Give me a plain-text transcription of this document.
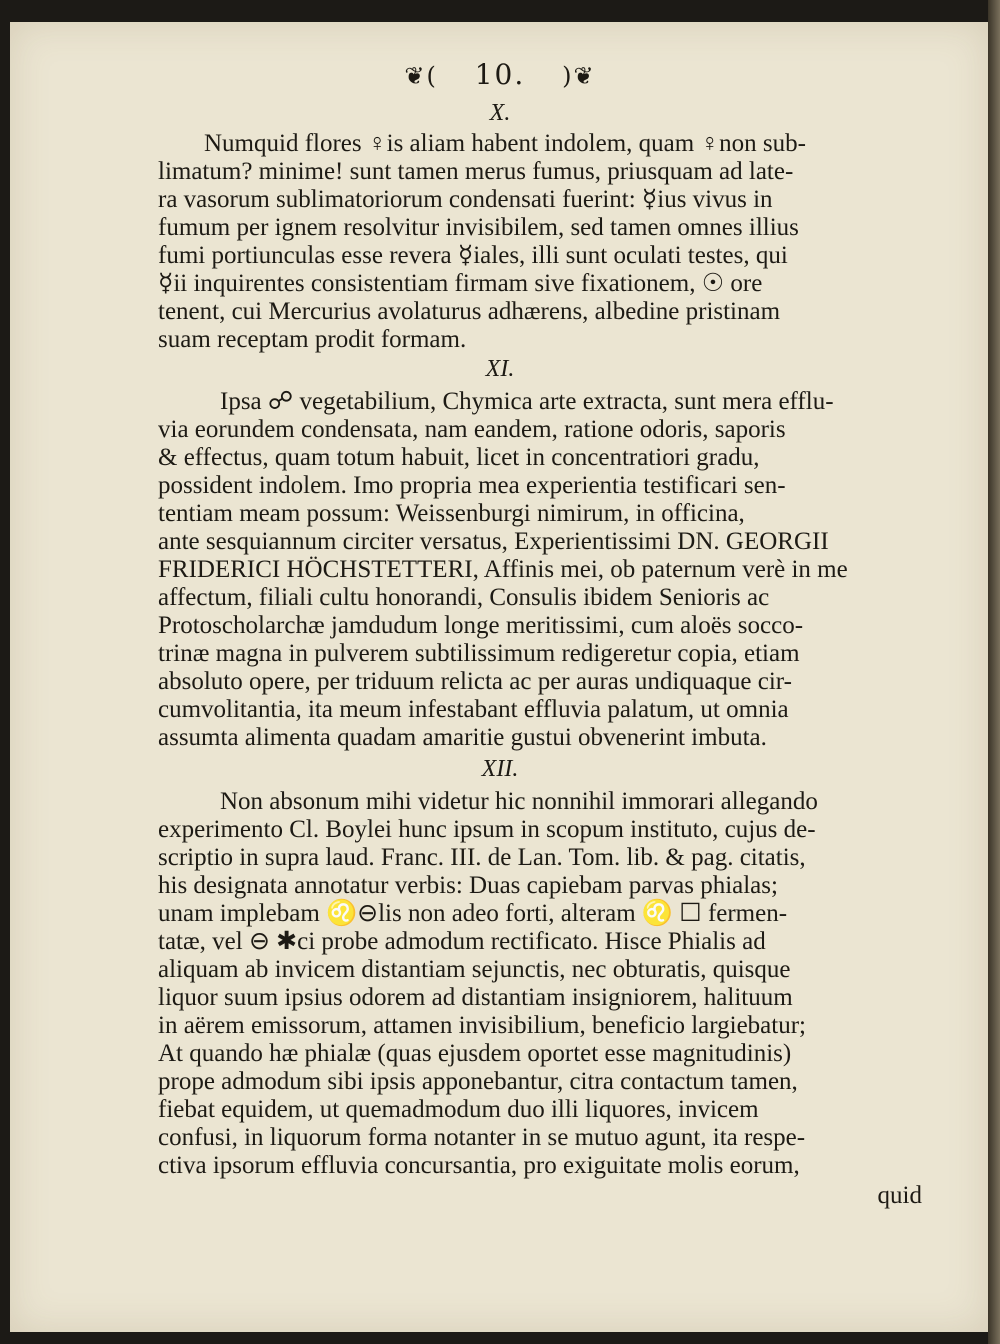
❦( 10. )❦
X.
Numquid flores ♀is aliam habent indolem, quam ♀non sub-
limatum? minime! sunt tamen merus fumus, priusquam ad late-
ra vasorum sublimatoriorum condensati fuerint: ☿ius vivus in
fumum per ignem resolvitur invisibilem, sed tamen omnes illius
fumi portiunculas esse revera ☿iales, illi sunt oculati testes, qui
☿ii inquirentes consistentiam firmam sive fixationem, ☉ ore
tenent, cui Mercurius avolaturus adhærens, albedine pristinam
suam receptam prodit formam.
XI.
Ipsa ☍ vegetabilium, Chymica arte extracta, sunt mera efflu-
via eorundem condensata, nam eandem, ratione odoris, saporis
& effectus, quam totum habuit, licet in concentratiori gradu,
possident indolem. Imo propria mea experientia testificari sen-
tentiam meam possum: Weissenburgi nimirum, in officina,
ante sesquiannum circiter versatus, Experientissimi DN. GEORGII
FRIDERICI HÖCHSTETTERI, Affinis mei, ob paternum verè in me
affectum, filiali cultu honorandi, Consulis ibidem Senioris ac
Protoscholarchæ jamdudum longe meritissimi, cum aloës socco-
trinæ magna in pulverem subtilissimum redigeretur copia, etiam
absoluto opere, per triduum relicta ac per auras undiquaque cir-
cumvolitantia, ita meum infestabant effluvia palatum, ut omnia
assumta alimenta quadam amaritie gustui obvenerint imbuta.
XII.
Non absonum mihi videtur hic nonnihil immorari allegando
experimento Cl. Boylei hunc ipsum in scopum instituto, cujus de-
scriptio in supra laud. Franc. III. de Lan. Tom. lib. & pag. citatis,
his designata annotatur verbis: Duas capiebam parvas phialas;
unam implebam ♌⊖lis non adeo forti, alteram ♌ ☐ fermen-
tatæ, vel ⊖ ✱ci probe admodum rectificato. Hisce Phialis ad
aliquam ab invicem distantiam sejunctis, nec obturatis, quisque
liquor suum ipsius odorem ad distantiam insigniorem, halituum
in aërem emissorum, attamen invisibilium, beneficio largiebatur;
At quando hæ phialæ (quas ejusdem oportet esse magnitudinis)
prope admodum sibi ipsis apponebantur, citra contactum tamen,
fiebat equidem, ut quemadmodum duo illi liquores, invicem
confusi, in liquorum forma notanter in se mutuo agunt, ita respe-
ctiva ipsorum effluvia concursantia, pro exiguitate molis eorum,
quid
